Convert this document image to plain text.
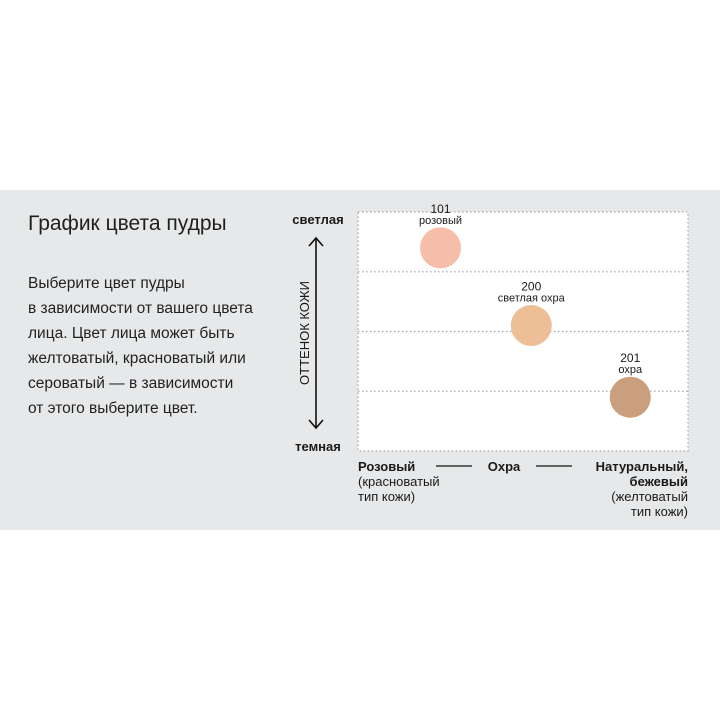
График цвета пудры
Выберите цвет пудры
в зависимости от вашего цвета
лица. Цвет лица может быть
желтоватый, красноватый или
сероватый — в зависимости
от этого выберите цвет.
светлая
темная
ОТТЕНОК КОЖИ
Розовый
(красноватый
тип кожи)
Охра	Натуральный,
бежевый
(желтоватый
тип кожи)
101
розовый
200
светлая охра
201
охра
